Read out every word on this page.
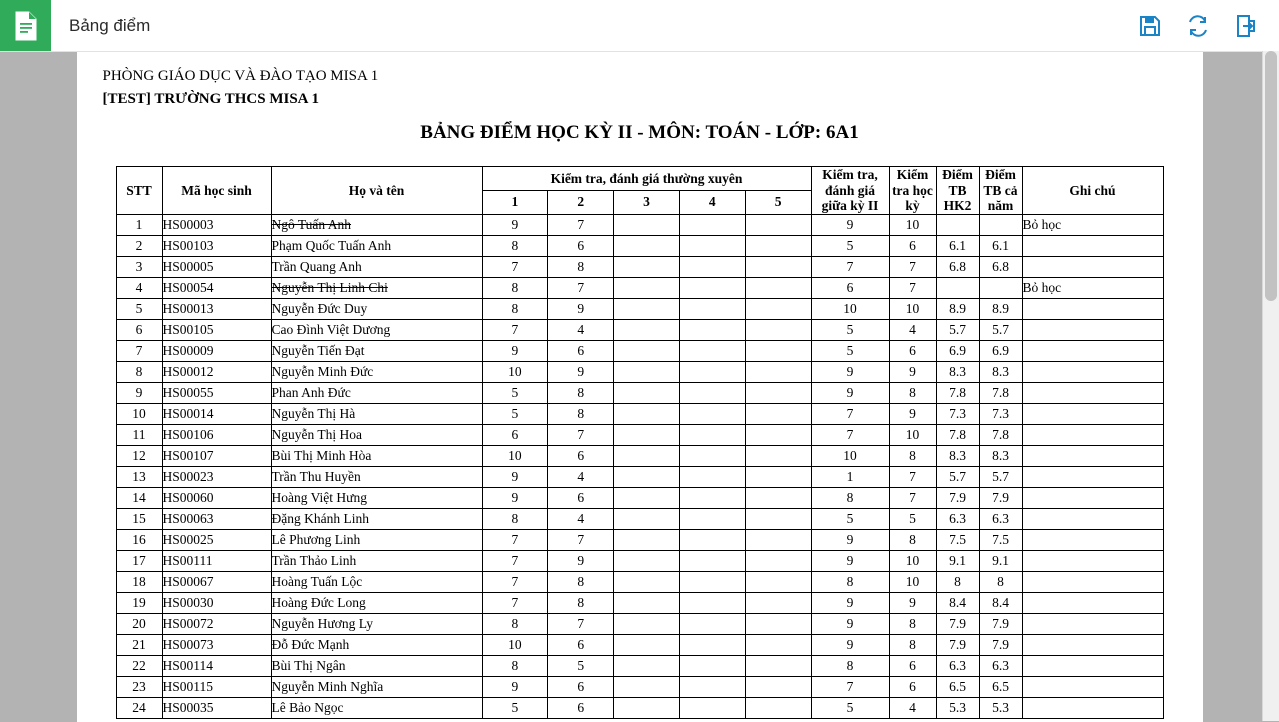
Bảng điểm
PHÒNG GIÁO DỤC VÀ ĐÀO TẠO MISA 1
[TEST] TRƯỜNG THCS MISA 1
BẢNG ĐIỂM HỌC KỲ II - MÔN: TOÁN - LỚP: 6A1
STT	Mã học sinh	Họ và tên	Kiểm tra, đánh giá thường xuyên					Kiểm tra, đánh giá giữa kỳ II	Kiểm tra học kỳ	Điểm TB HK2	Điểm TB cả năm	Ghi chú
			1	2	3	4	5					
1	HS00003	Ngô Tuấn Anh	9	7				9	10			Bỏ học
2	HS00103	Phạm Quốc Tuấn Anh	8	6				5	6	6.1	6.1	
3	HS00005	Trần Quang Anh	7	8				7	7	6.8	6.8	
4	HS00054	Nguyễn Thị Linh Chi	8	7				6	7			Bỏ học
5	HS00013	Nguyễn Đức Duy	8	9				10	10	8.9	8.9	
6	HS00105	Cao Đình Việt Dương	7	4				5	4	5.7	5.7	
7	HS00009	Nguyễn Tiến Đạt	9	6				5	6	6.9	6.9	
8	HS00012	Nguyễn Minh Đức	10	9				9	9	8.3	8.3	
9	HS00055	Phan Anh Đức	5	8				9	8	7.8	7.8	
10	HS00014	Nguyễn Thị Hà	5	8				7	9	7.3	7.3	
11	HS00106	Nguyễn Thị Hoa	6	7				7	10	7.8	7.8	
12	HS00107	Bùi Thị Minh Hòa	10	6				10	8	8.3	8.3	
13	HS00023	Trần Thu Huyền	9	4				1	7	5.7	5.7	
14	HS00060	Hoàng Việt Hưng	9	6				8	7	7.9	7.9	
15	HS00063	Đặng Khánh Linh	8	4				5	5	6.3	6.3	
16	HS00025	Lê Phương Linh	7	7				9	8	7.5	7.5	
17	HS00111	Trần Thảo Linh	7	9				9	10	9.1	9.1	
18	HS00067	Hoàng Tuấn Lộc	7	8				8	10	8	8	
19	HS00030	Hoàng Đức Long	7	8				9	9	8.4	8.4	
20	HS00072	Nguyễn Hương Ly	8	7				9	8	7.9	7.9	
21	HS00073	Đỗ Đức Mạnh	10	6				9	8	7.9	7.9	
22	HS00114	Bùi Thị Ngân	8	5				8	6	6.3	6.3	
23	HS00115	Nguyễn Minh Nghĩa	9	6				7	6	6.5	6.5	
24	HS00035	Lê Bảo Ngọc	5	6				5	4	5.3	5.3	
